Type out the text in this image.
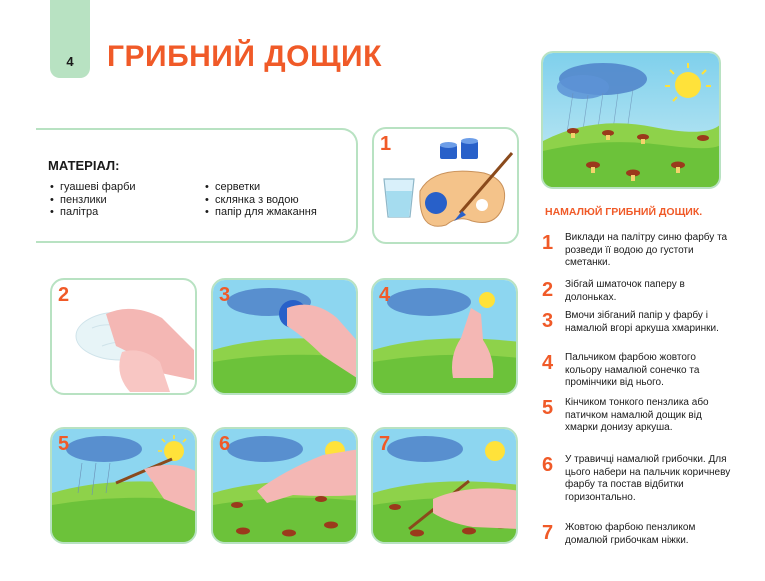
4	ГРИБНИЙ ДОЩИК
МАТЕРІАЛ:
• гуашеві фарби
• пензлики
• палітра
• серветки
• склянка з водою
• папір для жмакання
1
2	3	4
5	6	7
НАМАЛЮЙ ГРИБНИЙ ДОЩИК.
1 Виклади на палітру синю фарбу та розведи її водою до густоти сметанки.
2 Зібгай шматочок паперу в долоньках.
3 Вмочи зібганий папір у фарбу і намалюй вгорі аркуша хмаринки.
4 Пальчиком фарбою жовтого кольору намалюй сонечко та промінчики від нього.
5 Кінчиком тонкого пензлика або патичком намалюй дощик від хмарки донизу аркуша.
6 У травичці намалюй грибочки. Для цього набери на пальчик коричневу фарбу та постав відбитки горизонтально.
7 Жовтою фарбою пензликом домалюй грибочкам ніжки.
